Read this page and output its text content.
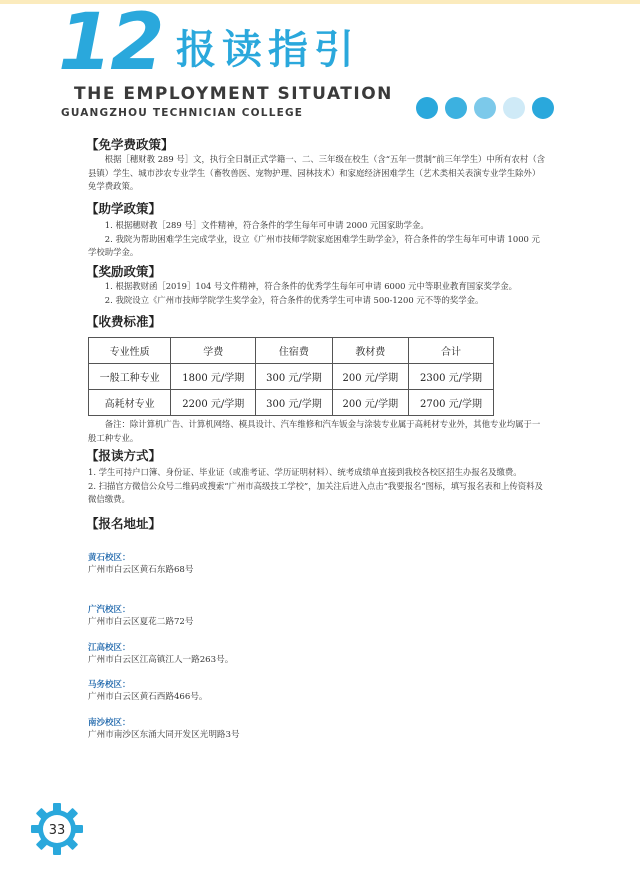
12 报读指引
THE EMPLOYMENT SITUATION
GUANGZHOU TECHNICIAN COLLEGE
【免学费政策】

根据［穗财教 289 号］文，执行全日制正式学籍一、二、三年级在校生（含“五年一贯制”前三年学生）中所有农村（含县镇）学生、城市涉农专业学生（畜牧兽医、宠物护理、园林技术）和家庭经济困难学生（艺术类相关表演专业学生除外）免学费政策。

【助学政策】

1. 根据穗财教［289 号］文件精神，符合条件的学生每年可申请 2000 元国家助学金。

2. 我院为帮助困难学生完成学业，设立《广州市技师学院家庭困难学生助学金》，符合条件的学生每年可申请 1000 元学校助学金。

【奖励政策】

1. 根据教财函［2019］104 号文件精神，符合条件的优秀学生每年可申请 6000 元中等职业教育国家奖学金。

2. 我院设立《广州市技师学院学生奖学金》，符合条件的优秀学生可申请 500-1200 元不等的奖学金。

【收费标准】
专业性质	学费	住宿费	教材费	合计
一般工种专业	1800 元/学期	300 元/学期	200 元/学期	2300 元/学期
高耗材专业	2200 元/学期	300 元/学期	200 元/学期	2700 元/学期

备注：除计算机广告、计算机网络、模具设计、汽车维修和汽车钣金与涂装专业属于高耗材专业外，其他专业均属于一般工种专业。

【报读方式】

1. 学生可持户口簿、身份证、毕业证（或准考证、学历证明材料）、统考成绩单直接到我校各校区招生办报名及缴费。

2. 扫描官方微信公众号二维码或搜索“广州市高级技工学校”，加关注后进入点击“我要报名”图标，填写报名表和上传资料及微信缴费。

【报名地址】
黄石校区：
广州市白云区黄石东路68号
广汽校区：
广州市白云区夏花二路72号
江高校区：
广州市白云区江高镇江人一路263号。
马务校区：
广州市白云区黄石西路466号。
南沙校区：
广州市南沙区东涌大同开发区光明路3号
33
